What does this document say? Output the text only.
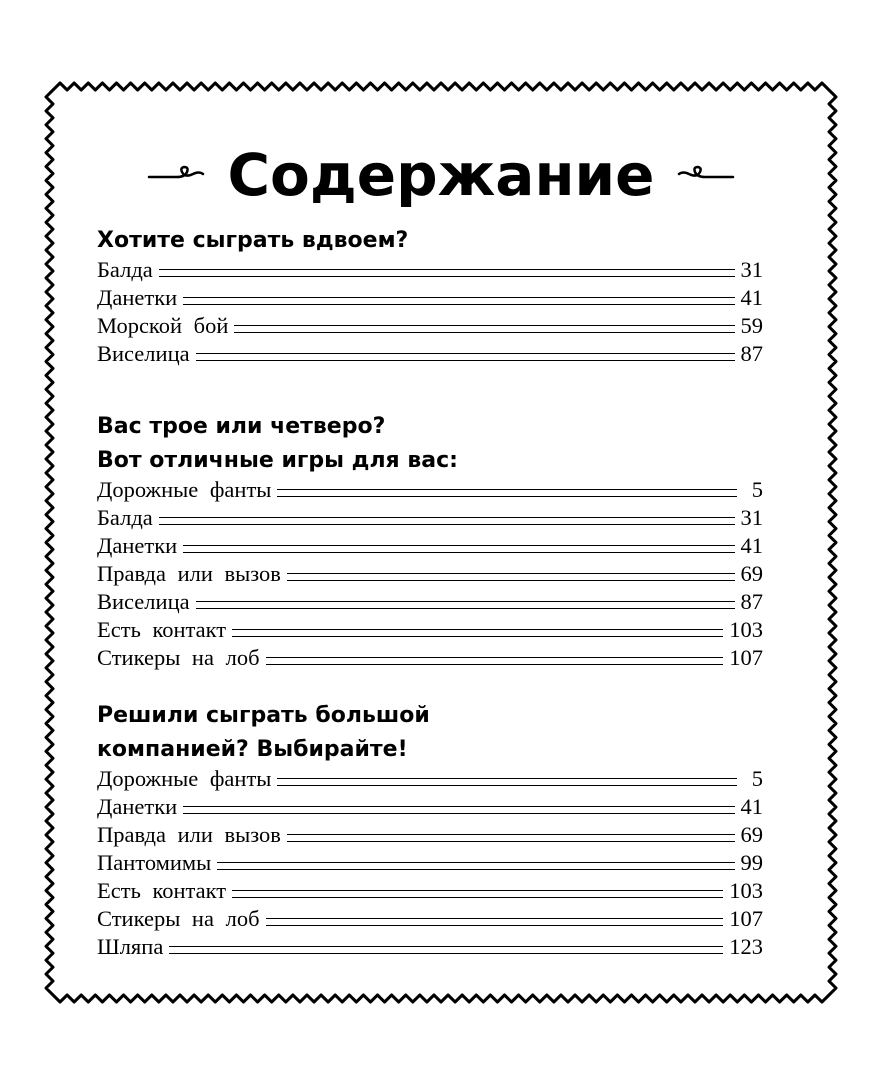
Содержание
Хотите сыграть вдвоем?
Балда	31
Данетки	41
Морской бой	59
Виселица	87
Вас трое или четверо?
Вот отличные игры для вас:
Дорожные фанты	5
Балда	31
Данетки	41
Правда или вызов	69
Виселица	87
Есть контакт	103
Стикеры на лоб	107
Решили сыграть большой
компанией? Выбирайте!
Дорожные фанты	5
Данетки	41
Правда или вызов	69
Пантомимы	99
Есть контакт	103
Стикеры на лоб	107
Шляпа	123
